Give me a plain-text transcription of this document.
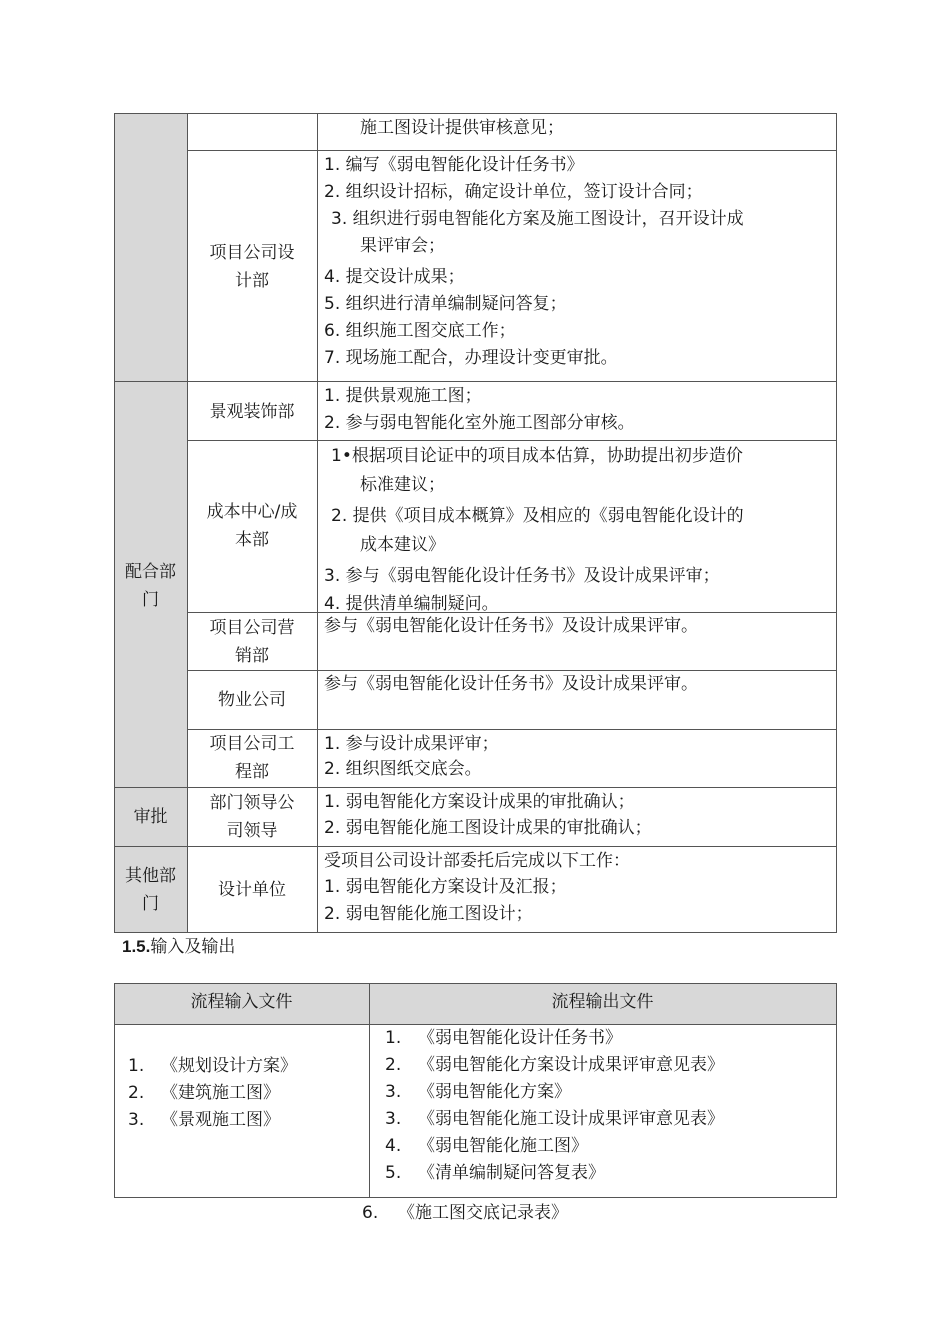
配合部
门
审批
其他部
门
项目公司设
计部
景观装饰部
成本中心/成
本部
项目公司营
销部
物业公司
项目公司工
程部
部门领导公
司领导
设计单位
施工图设计提供审核意见；
1. 编写《弱电智能化设计任务书》
2. 组织设计招标，确定设计单位，签订设计合同；
3. 组织进行弱电智能化方案及施工图设计，召开设计成
果评审会；
4. 提交设计成果；
5. 组织进行清单编制疑问答复；
6. 组织施工图交底工作；
7. 现场施工配合，办理设计变更审批。
1. 提供景观施工图；
2. 参与弱电智能化室外施工图部分审核。
1•根据项目论证中的项目成本估算，协助提出初步造价
标准建议；
2. 提供《项目成本概算》及相应的《弱电智能化设计的
成本建议》
3. 参与《弱电智能化设计任务书》及设计成果评审；
4. 提供清单编制疑问。
参与《弱电智能化设计任务书》及设计成果评审。
参与《弱电智能化设计任务书》及设计成果评审。
1. 参与设计成果评审；
2. 组织图纸交底会。
1. 弱电智能化方案设计成果的审批确认；
2. 弱电智能化施工图设计成果的审批确认；
受项目公司设计部委托后完成以下工作：
1. 弱电智能化方案设计及汇报；
2. 弱电智能化施工图设计；
1.5.输入及输出
流程输入文件	流程输出文件
1. 《规划设计方案》
2. 《建筑施工图》
3. 《景观施工图》
1. 《弱电智能化设计任务书》
2. 《弱电智能化方案设计成果评审意见表》
3. 《弱电智能化方案》
3. 《弱电智能化施工设计成果评审意见表》
4. 《弱电智能化施工图》
5. 《清单编制疑问答复表》
6. 《施工图交底记录表》
